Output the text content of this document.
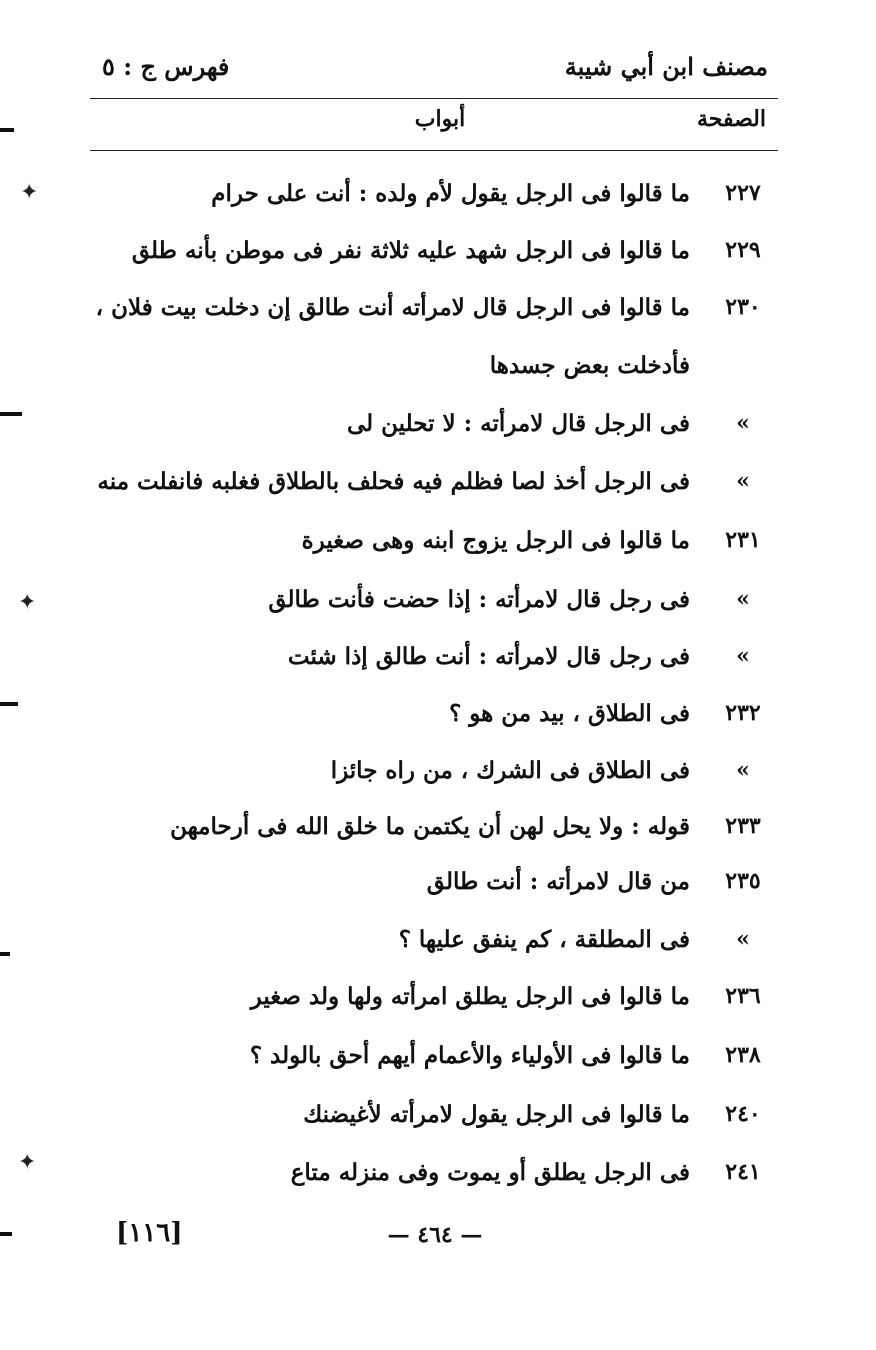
مصنف ابن أبي شيبة
فهرس ج : ٥
الصفحة
أبواب
٢٢٧
ما قالوا فى الرجل يقول لأم ولده : أنت على حرام
٢٢٩
ما قالوا فى الرجل شهد عليه ثلاثة نفر فى موطن بأنه طلق
٢٣٠
ما قالوا فى الرجل قال لامرأته أنت طالق إن دخلت بيت فلان ،
فأدخلت بعض جسدها
»
فى الرجل قال لامرأته : لا تحلين لى
»
فى الرجل أخذ لصا فظلم فيه فحلف بالطلاق فغلبه فانفلت منه
٢٣١
ما قالوا فى الرجل يزوج ابنه وهى صغيرة
»
فى رجل قال لامرأته : إذا حضت فأنت طالق
»
فى رجل قال لامرأته : أنت طالق إذا شئت
٢٣٢
فى الطلاق ، بيد من هو ؟
»
فى الطلاق فى الشرك ، من راه جائزا
٢٣٣
قوله : ولا يحل لهن أن يكتمن ما خلق الله فى أرحامهن
٢٣٥
من قال لامرأته : أنت طالق
»
فى المطلقة ، كم ينفق عليها ؟
٢٣٦
ما قالوا فى الرجل يطلق امرأته ولها ولد صغير
٢٣٨
ما قالوا فى الأولياء والأعمام أيهم أحق بالولد ؟
٢٤٠
ما قالوا فى الرجل يقول لامرأته لأغيضنك
٢٤١
فى الرجل يطلق أو يموت وفى منزله متاع
— ٤٦٤ —
[١١٦]
✦
✦
✦
